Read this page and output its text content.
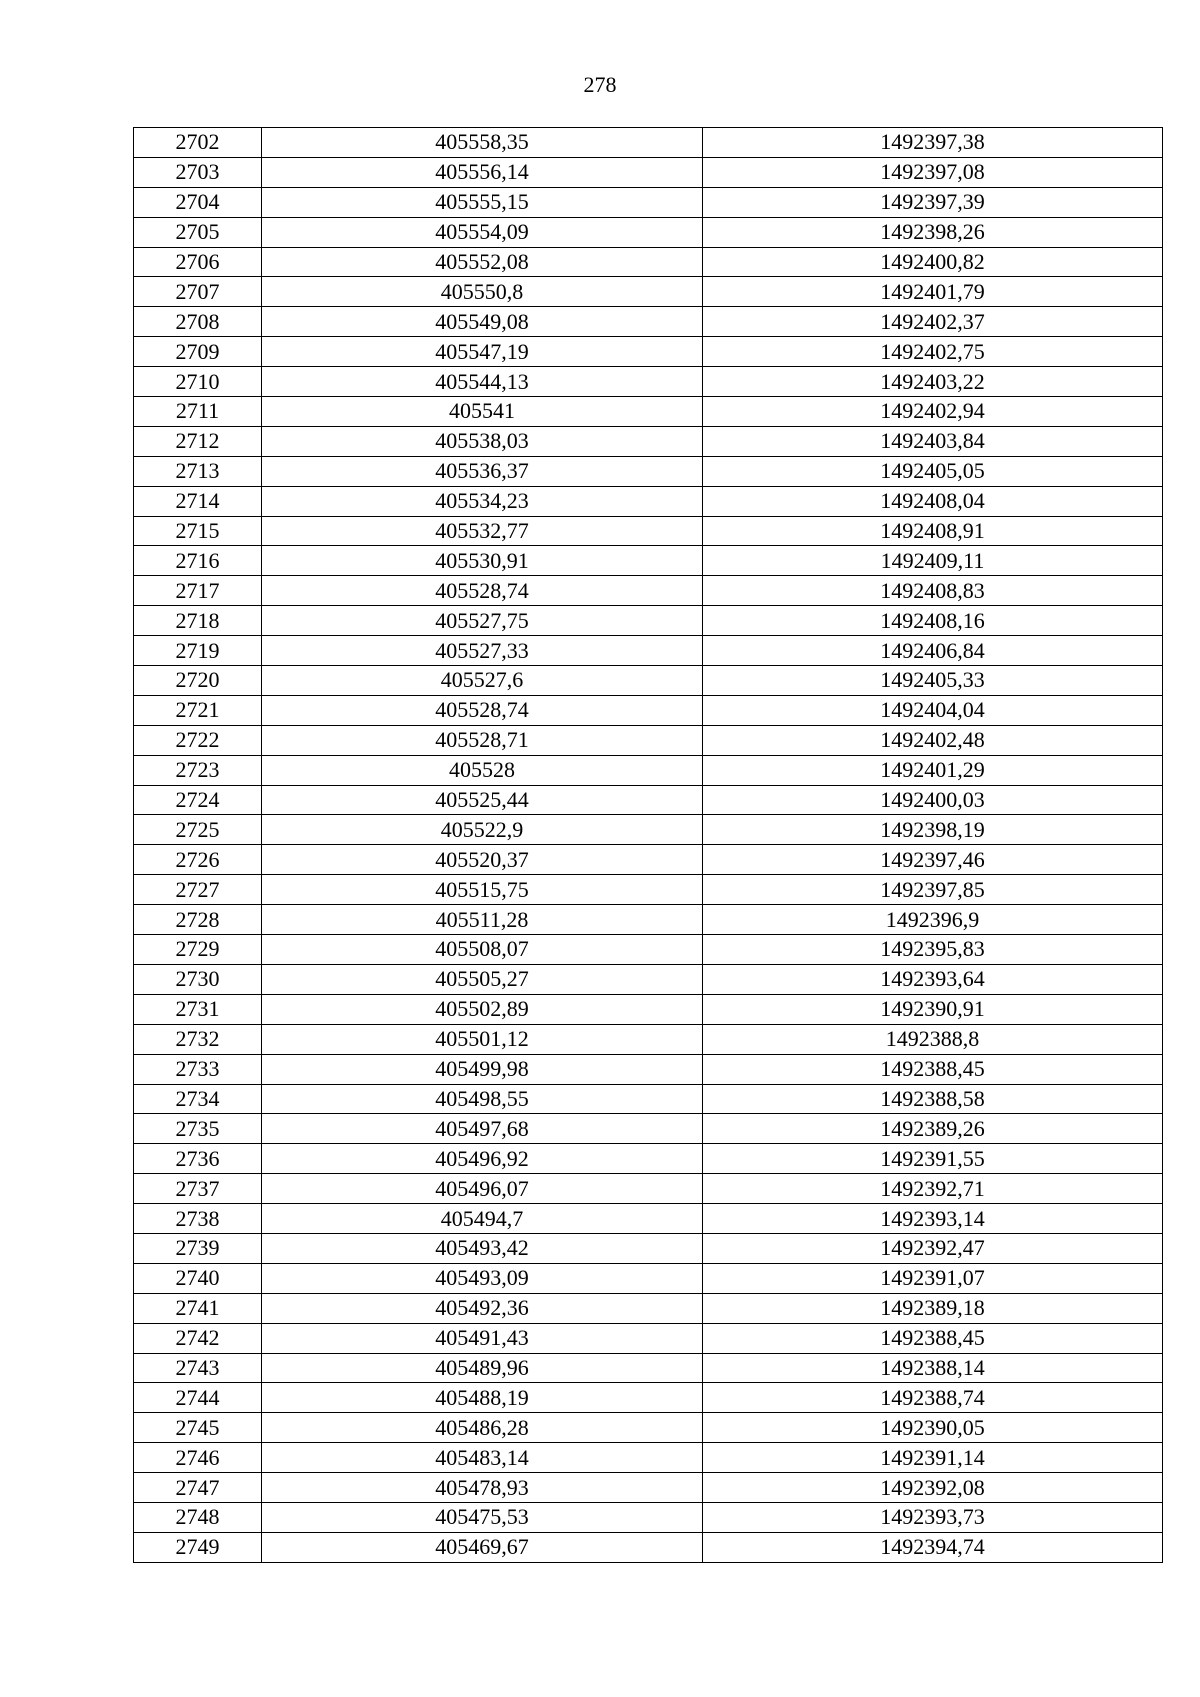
278
2702	405558,35	1492397,38
2703	405556,14	1492397,08
2704	405555,15	1492397,39
2705	405554,09	1492398,26
2706	405552,08	1492400,82
2707	405550,8	1492401,79
2708	405549,08	1492402,37
2709	405547,19	1492402,75
2710	405544,13	1492403,22
2711	405541	1492402,94
2712	405538,03	1492403,84
2713	405536,37	1492405,05
2714	405534,23	1492408,04
2715	405532,77	1492408,91
2716	405530,91	1492409,11
2717	405528,74	1492408,83
2718	405527,75	1492408,16
2719	405527,33	1492406,84
2720	405527,6	1492405,33
2721	405528,74	1492404,04
2722	405528,71	1492402,48
2723	405528	1492401,29
2724	405525,44	1492400,03
2725	405522,9	1492398,19
2726	405520,37	1492397,46
2727	405515,75	1492397,85
2728	405511,28	1492396,9
2729	405508,07	1492395,83
2730	405505,27	1492393,64
2731	405502,89	1492390,91
2732	405501,12	1492388,8
2733	405499,98	1492388,45
2734	405498,55	1492388,58
2735	405497,68	1492389,26
2736	405496,92	1492391,55
2737	405496,07	1492392,71
2738	405494,7	1492393,14
2739	405493,42	1492392,47
2740	405493,09	1492391,07
2741	405492,36	1492389,18
2742	405491,43	1492388,45
2743	405489,96	1492388,14
2744	405488,19	1492388,74
2745	405486,28	1492390,05
2746	405483,14	1492391,14
2747	405478,93	1492392,08
2748	405475,53	1492393,73
2749	405469,67	1492394,74
